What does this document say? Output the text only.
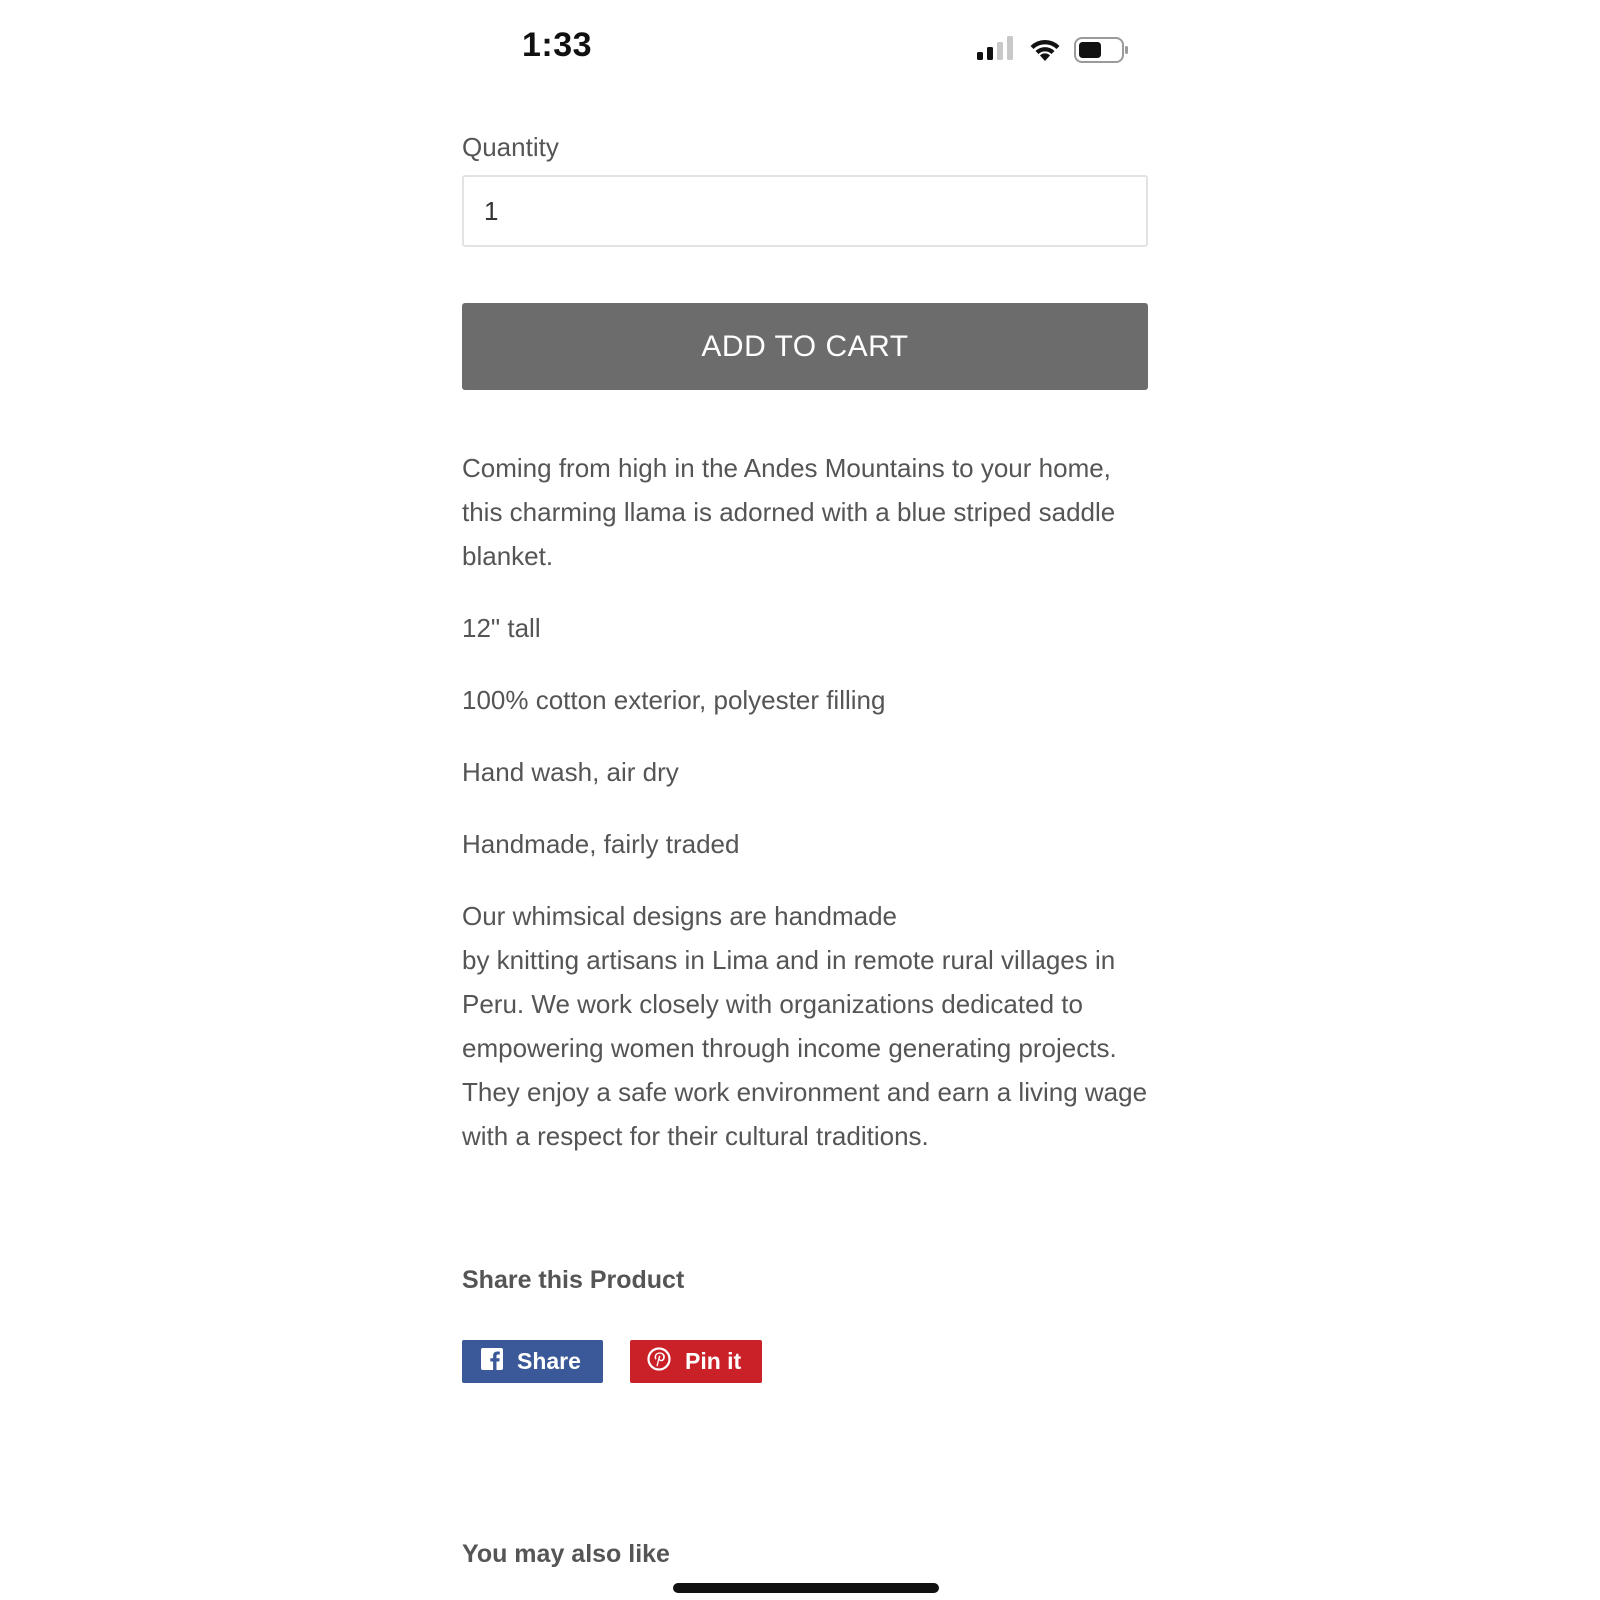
1:33
Quantity
1
ADD TO CART

Coming from high in the Andes Mountains to your home, this charming llama is adorned with a blue striped saddle blanket.

12" tall

100% cotton exterior, polyester filling

Hand wash, air dry

Handmade, fairly traded

Our whimsical designs are handmade
by knitting artisans in Lima and in remote rural villages in Peru. We work closely with organizations dedicated to empowering women through income generating projects. They enjoy a safe work environment and earn a living wage with a respect for their cultural traditions.

Share this Product
Share	Pin it
You may also like
